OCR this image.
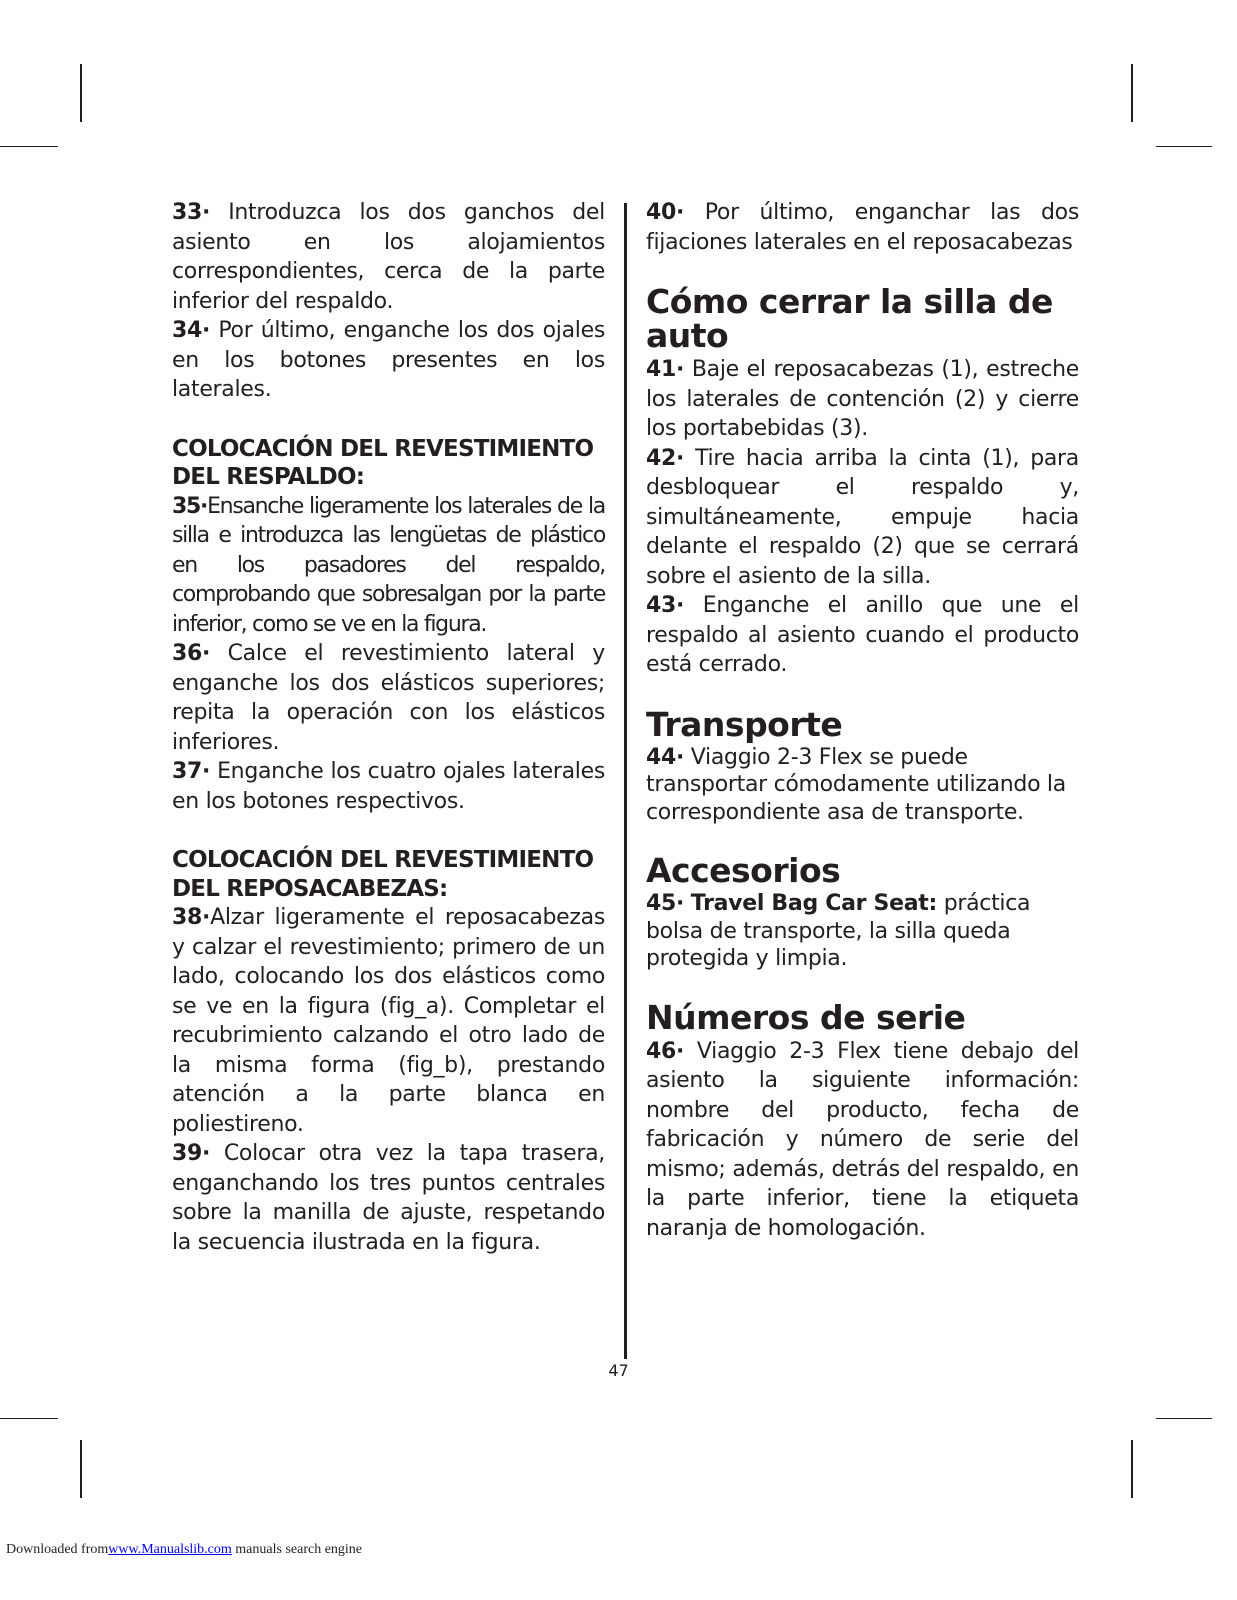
33· Introduzca los dos ganchos del asiento en los alojamientos correspondientes, cerca de la parte inferior del respaldo.

34· Por último, enganche los dos ojales en los botones presentes en los laterales.

COLOCACIÓN DEL REVESTIMIENTO DEL RESPALDO:

35·Ensanche ligeramente los laterales de la silla e introduzca las lengüetas de plástico en los pasadores del respaldo, comprobando que sobresalgan por la parte inferior, como se ve en la figura.

36· Calce el revestimiento lateral y enganche los dos elásticos superiores; repita la operación con los elásticos inferiores.

37· Enganche los cuatro ojales laterales en los botones respectivos.

COLOCACIÓN DEL REVESTIMIENTO DEL REPOSACABEZAS:

38·Alzar ligeramente el reposacabezas y calzar el revestimiento; primero de un lado, colocando los dos elásticos como se ve en la figura (fig_a). Completar el recubrimiento calzando el otro lado de la misma forma (fig_b), prestando atención a la parte blanca en poliestireno.

39· Colocar otra vez la tapa trasera, enganchando los tres puntos centrales sobre la manilla de ajuste, respetando la secuencia ilustrada en la figura.

40· Por último, enganchar las dos fijaciones laterales en el reposacabezas

Cómo cerrar la silla de auto

41· Baje el reposacabezas (1), estreche los laterales de contención (2) y cierre los portabebidas (3).

42· Tire hacia arriba la cinta (1), para desbloquear el respaldo y, simultáneamente, empuje hacia delante el respaldo (2) que se cerrará sobre el asiento de la silla.

43· Enganche el anillo que une el respaldo al asiento cuando el producto está cerrado.

Transporte

44· Viaggio 2-3 Flex se puede transportar cómodamente utilizando la correspondiente asa de transporte.

Accesorios

45· Travel Bag Car Seat: práctica bolsa de transporte, la silla queda protegida y limpia.

Números de serie

46· Viaggio 2-3 Flex tiene debajo del asiento la siguiente información: nombre del producto, fecha de fabricación y número de serie del mismo; además, detrás del respaldo, en la parte inferior, tiene la etiqueta naranja de homologación.

47
Downloaded fromwww.Manualslib.com manuals search engine
